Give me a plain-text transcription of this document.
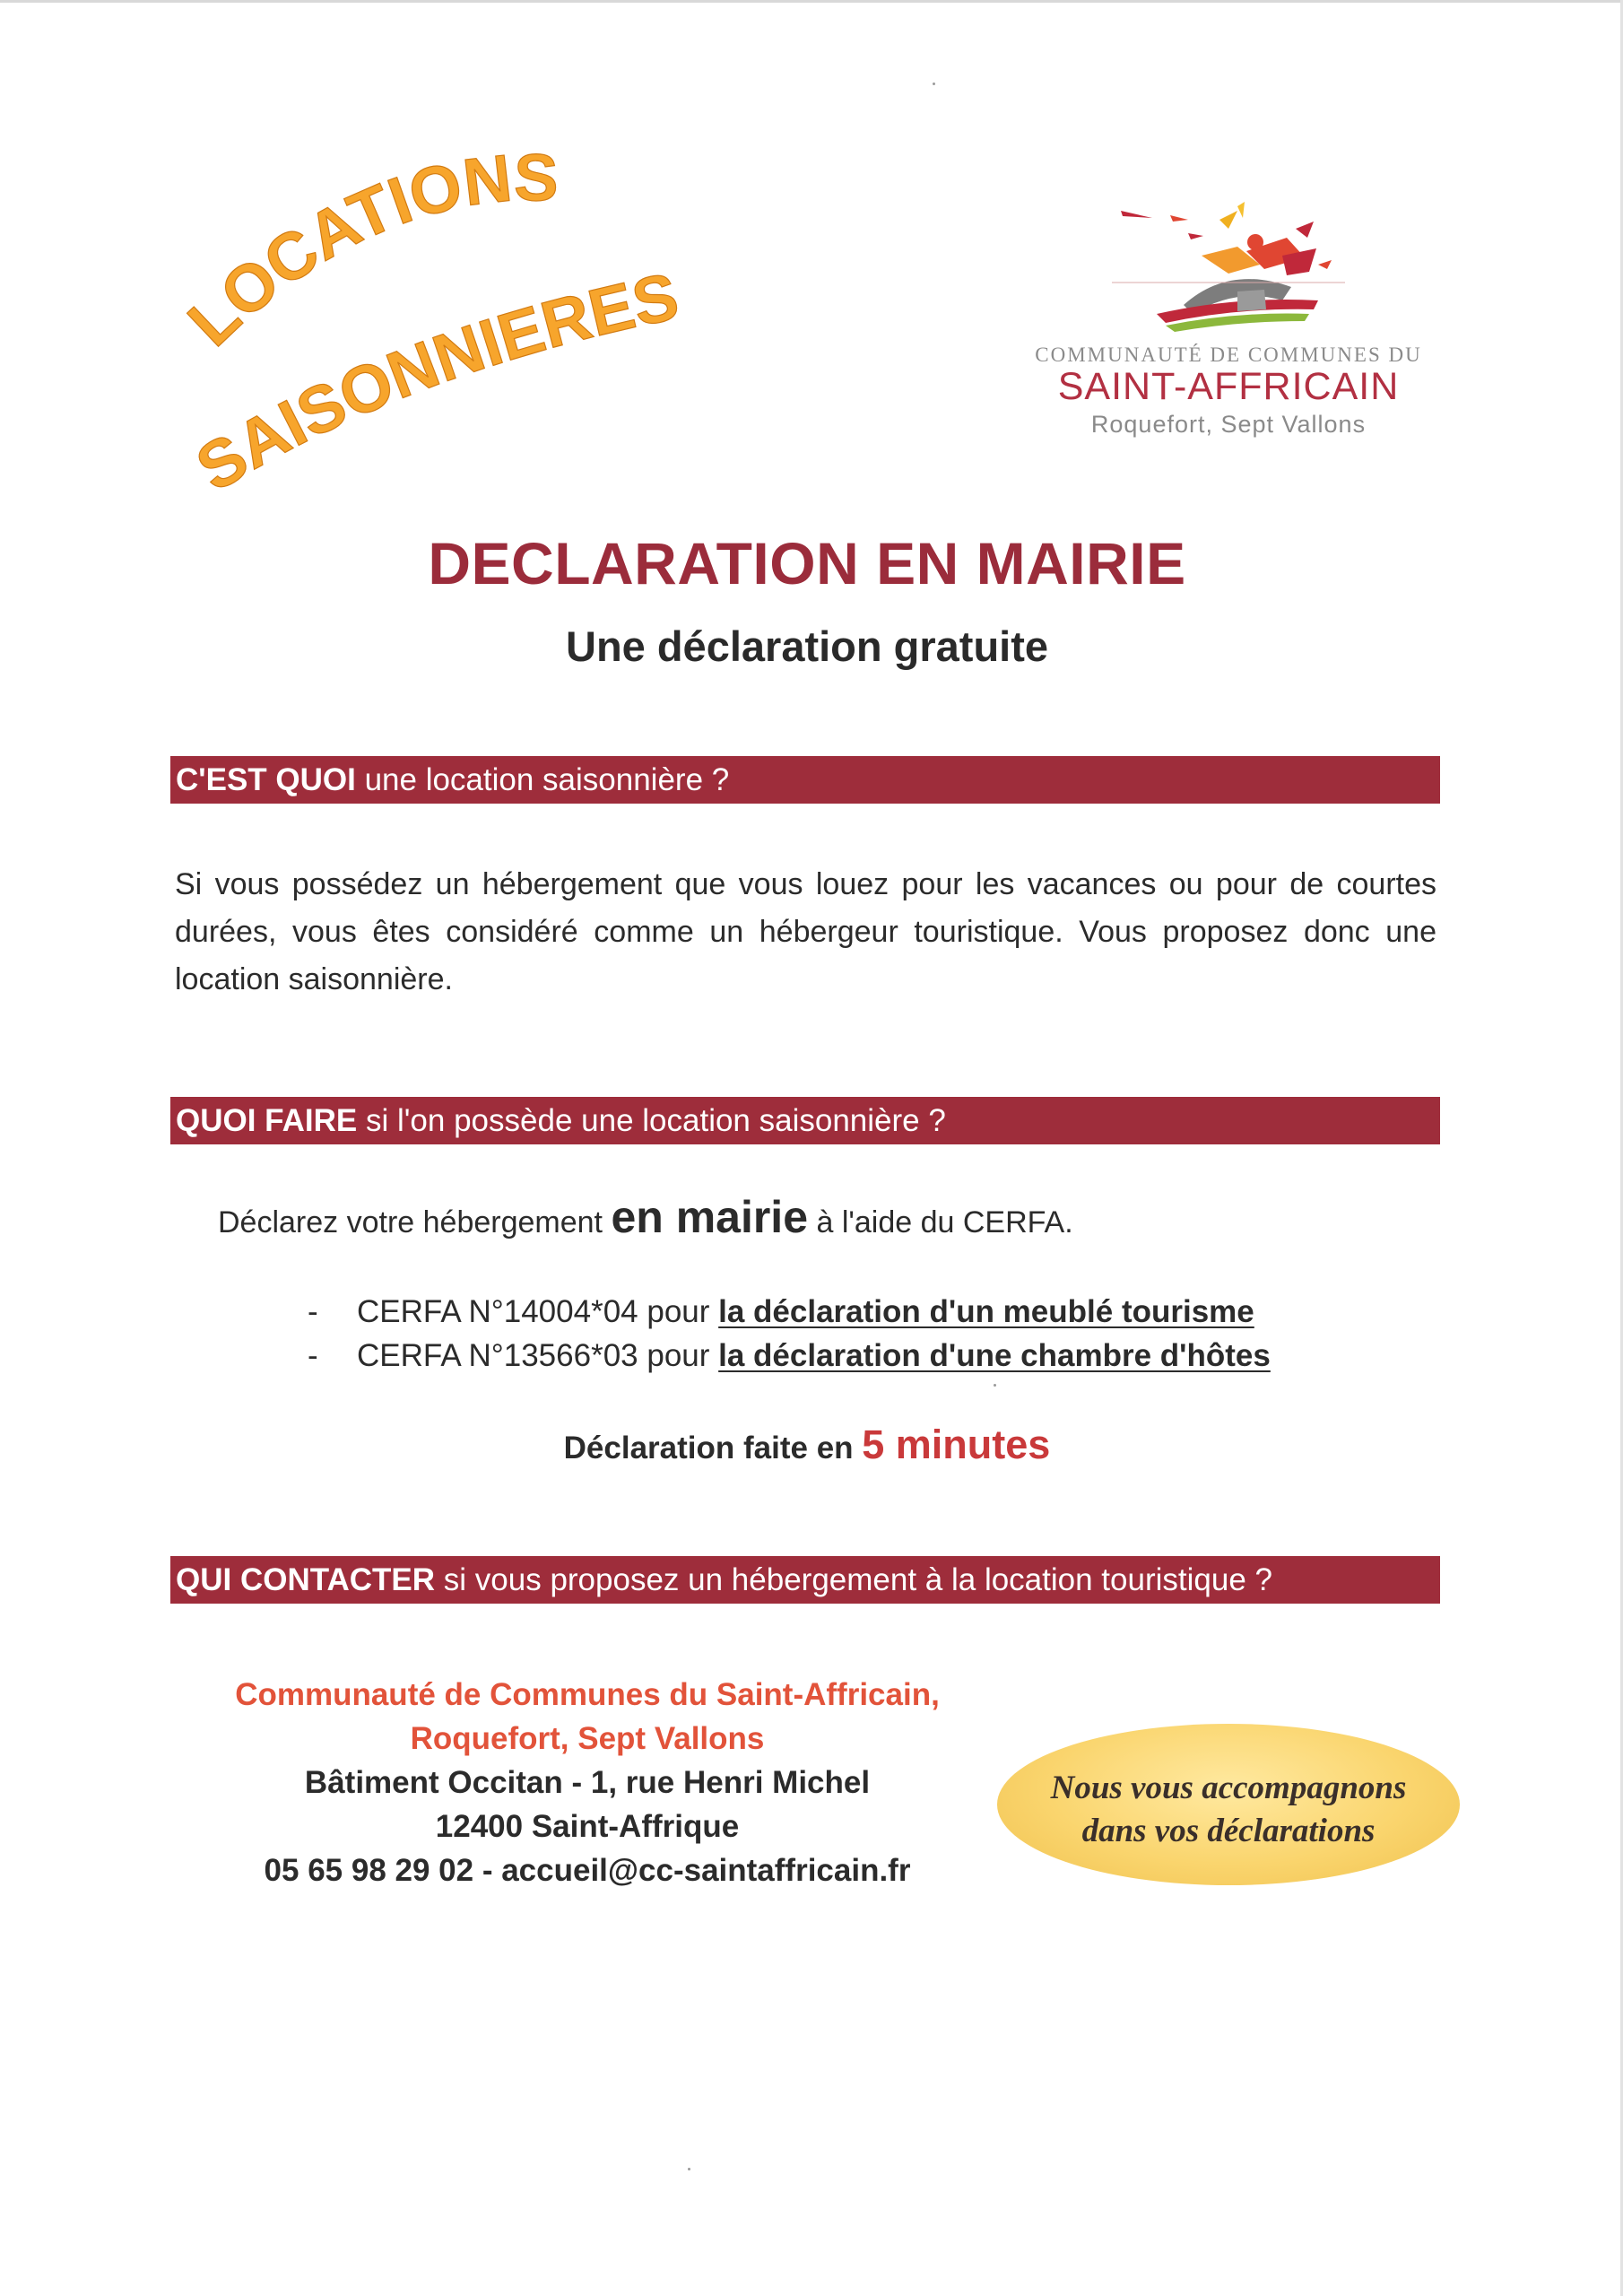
LOCATIONS
SAISONNIERES
COMMUNAUTÉ DE COMMUNES DU
SAINT-AFFRICAIN
Roquefort, Sept Vallons
DECLARATION EN MAIRIE
Une déclaration gratuite
C'EST QUOI une location saisonnière ?
Si vous possédez un hébergement que vous louez pour les vacances ou pour de courtes durées, vous êtes considéré comme un hébergeur touristique. Vous proposez donc une location saisonnière.
QUOI FAIRE si l'on possède une location saisonnière ?
Déclarez votre hébergement en mairie à l'aide du CERFA.
- CERFA N°14004*04 pour la déclaration d'un meublé tourisme
- CERFA N°13566*03 pour la déclaration d'une chambre d'hôtes
Déclaration faite en 5 minutes
QUI CONTACTER si vous proposez un hébergement à la location touristique ?
Communauté de Communes du Saint-Affricain,
Roquefort, Sept Vallons
Bâtiment Occitan - 1, rue Henri Michel
12400 Saint-Affrique
05 65 98 29 02 - accueil@cc-saintaffricain.fr
Nous vous accompagnons
dans vos déclarations
